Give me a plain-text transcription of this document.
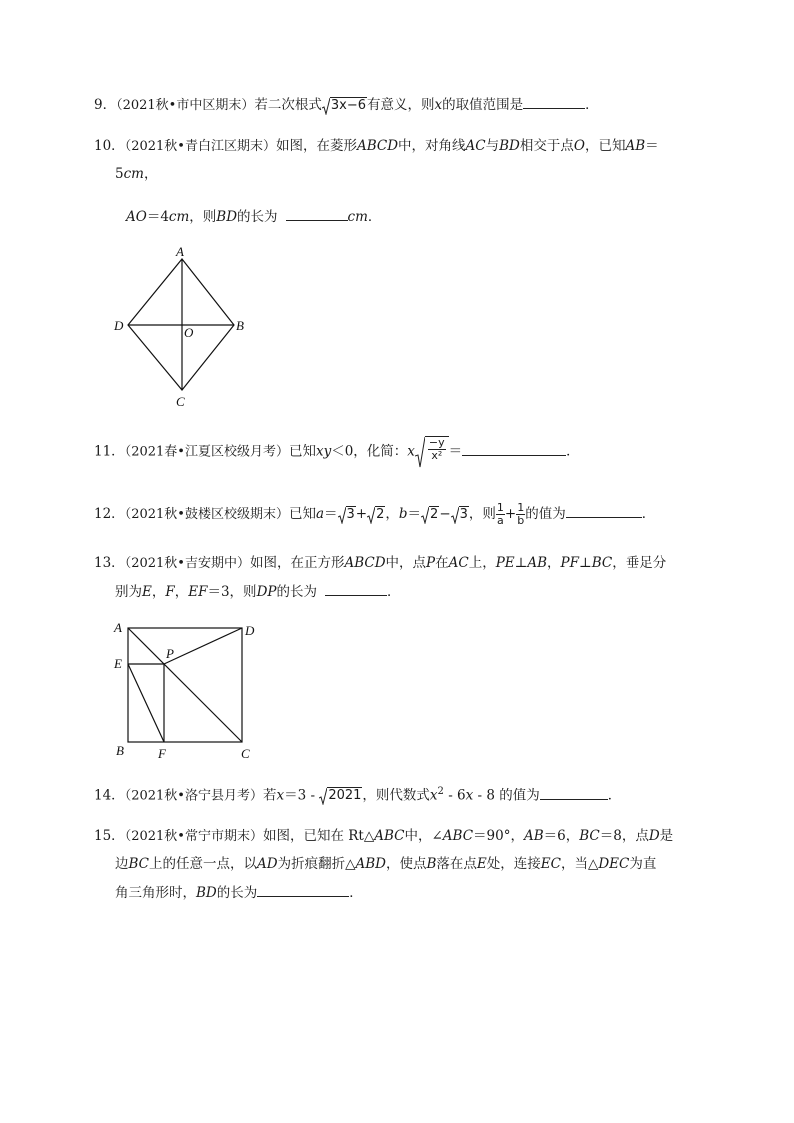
9．（2021秋•市中区期末）若二次根式 3x−6 有意义，则x的取值范围是	．
10．（2021秋•青白江区期末）如图，在菱形ABCD中，对角线AC与BD相交于点O，已知AB＝
5cm，
AO＝4cm，则BD的长为	cm．
A
B
C
D	O
11．（2021春•江夏区校级月考）已知xy＜0，化简：x $\frac{-y}{\text{x²}}$ ＝	．
12．（2021秋•鼓楼区校级期末）已知a＝ 3 + 2 ，b＝ 2 − 3 ，则 $\frac{1}{a} + \frac{1}{b}$ 的值为	．
13．（2021秋•吉安期中）如图，在正方形ABCD中，点P在AC上，PE⊥AB，PF⊥BC，垂足分
别为E，F，EF＝3，则DP的长为	．
A	D
E
P
B	F	C
14．（2021秋•洛宁县月考）若x＝3 - 2021 ，则代数式$x^2 - 6x - 8$ 的值为	．
15．（2021秋•常宁市期末）如图，已知在 Rt△ABC中，∠ABC＝90°，AB＝6，BC＝8，点D是
边BC上的任意一点，以AD为折痕翻折△ABD，使点B落在点E处，连接EC，当△DEC为直
角三角形时，BD的长为	．
